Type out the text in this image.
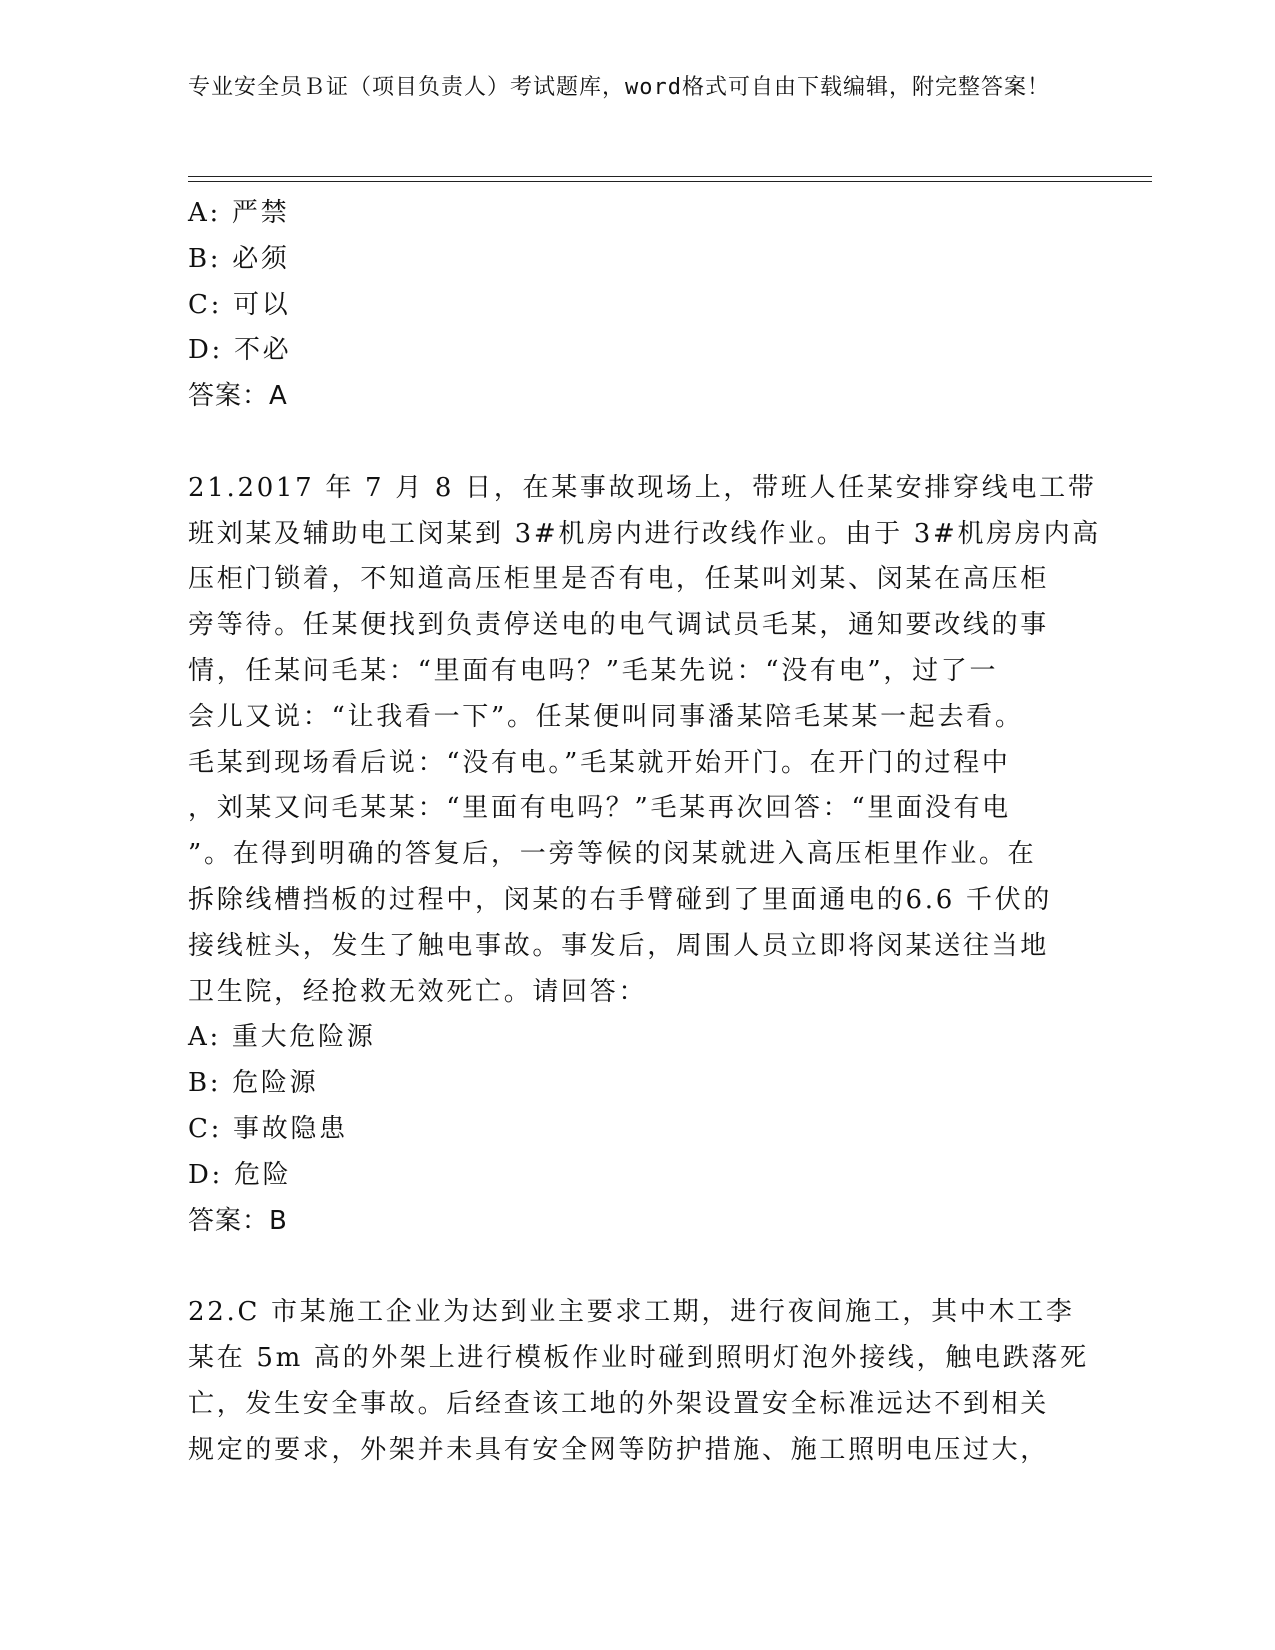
专业安全员Ｂ证（项目负责人）考试题库，word格式可自由下载编辑，附完整答案！
A: 严禁
B: 必须
C: 可以
D: 不必
答案：A
21.2017 年 7 月 8 日，在某事故现场上，带班人任某安排穿线电工带
班刘某及辅助电工闵某到 3#机房内进行改线作业。由于 3#机房房内高
压柜门锁着，不知道高压柜里是否有电，任某叫刘某、闵某在高压柜
旁等待。任某便找到负责停送电的电气调试员毛某，通知要改线的事
情，任某问毛某：“里面有电吗？”毛某先说：“没有电”，过了一
会儿又说：“让我看一下”。任某便叫同事潘某陪毛某某一起去看。
毛某到现场看后说：“没有电。”毛某就开始开门。在开门的过程中
，刘某又问毛某某：“里面有电吗？”毛某再次回答：“里面没有电
”。在得到明确的答复后，一旁等候的闵某就进入高压柜里作业。在
拆除线槽挡板的过程中，闵某的右手臂碰到了里面通电的6.6 千伏的
接线桩头，发生了触电事故。事发后，周围人员立即将闵某送往当地
卫生院，经抢救无效死亡。请回答：
A: 重大危险源
B: 危险源
C: 事故隐患
D: 危险
答案：B
22.C 市某施工企业为达到业主要求工期，进行夜间施工，其中木工李
某在 5m 高的外架上进行模板作业时碰到照明灯泡外接线，触电跌落死
亡，发生安全事故。后经查该工地的外架设置安全标准远达不到相关
规定的要求，外架并未具有安全网等防护措施、施工照明电压过大，
